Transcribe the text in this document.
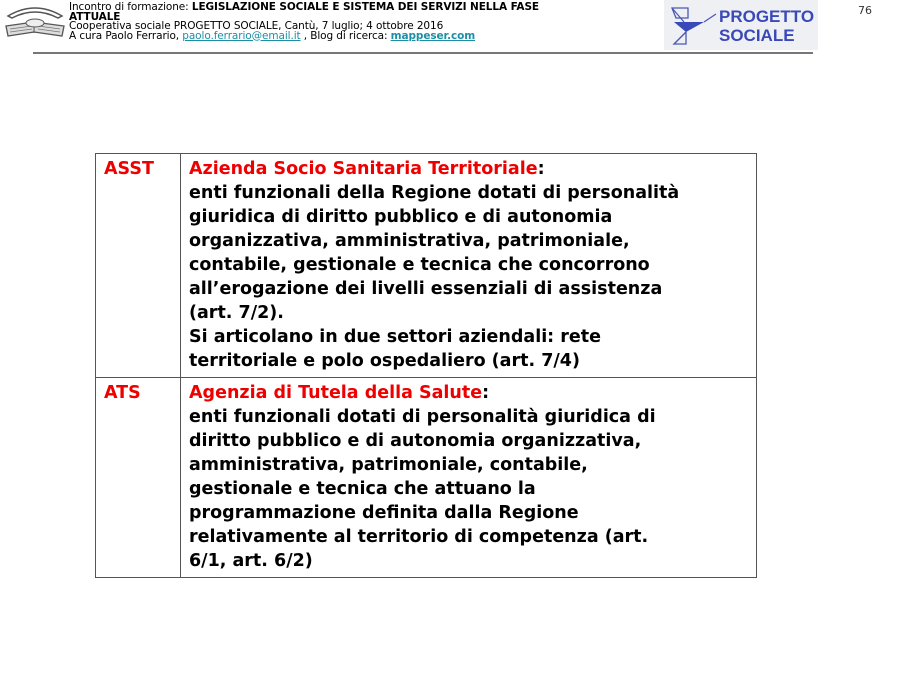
Incontro di formazione: LEGISLAZIONE SOCIALE E SISTEMA DEI SERVIZI NELLA FASE
ATTUALE
Cooperativa sociale PROGETTO SOCIALE, Cantù, 7 luglio; 4 ottobre 2016
A cura Paolo Ferrario, paolo.ferrario@email.it , Blog di ricerca: mappeser.com
PROGETTO
SOCIALE
76
ASST	Azienda Socio Sanitaria Territoriale:
enti funzionali della Regione dotati di personalità
giuridica di diritto pubblico e di autonomia
organizzativa, amministrativa, patrimoniale,
contabile, gestionale e tecnica che concorrono
all’erogazione dei livelli essenziali di assistenza
(art. 7/2).
Si articolano in due settori aziendali: rete
territoriale e polo ospedaliero (art. 7/4)

ATS	Agenzia di Tutela della Salute:
enti funzionali dotati di personalità giuridica di
diritto pubblico e di autonomia organizzativa,
amministrativa, patrimoniale, contabile,
gestionale e tecnica che attuano la
programmazione definita dalla Regione
relativamente al territorio di competenza (art.
6/1, art. 6/2)
